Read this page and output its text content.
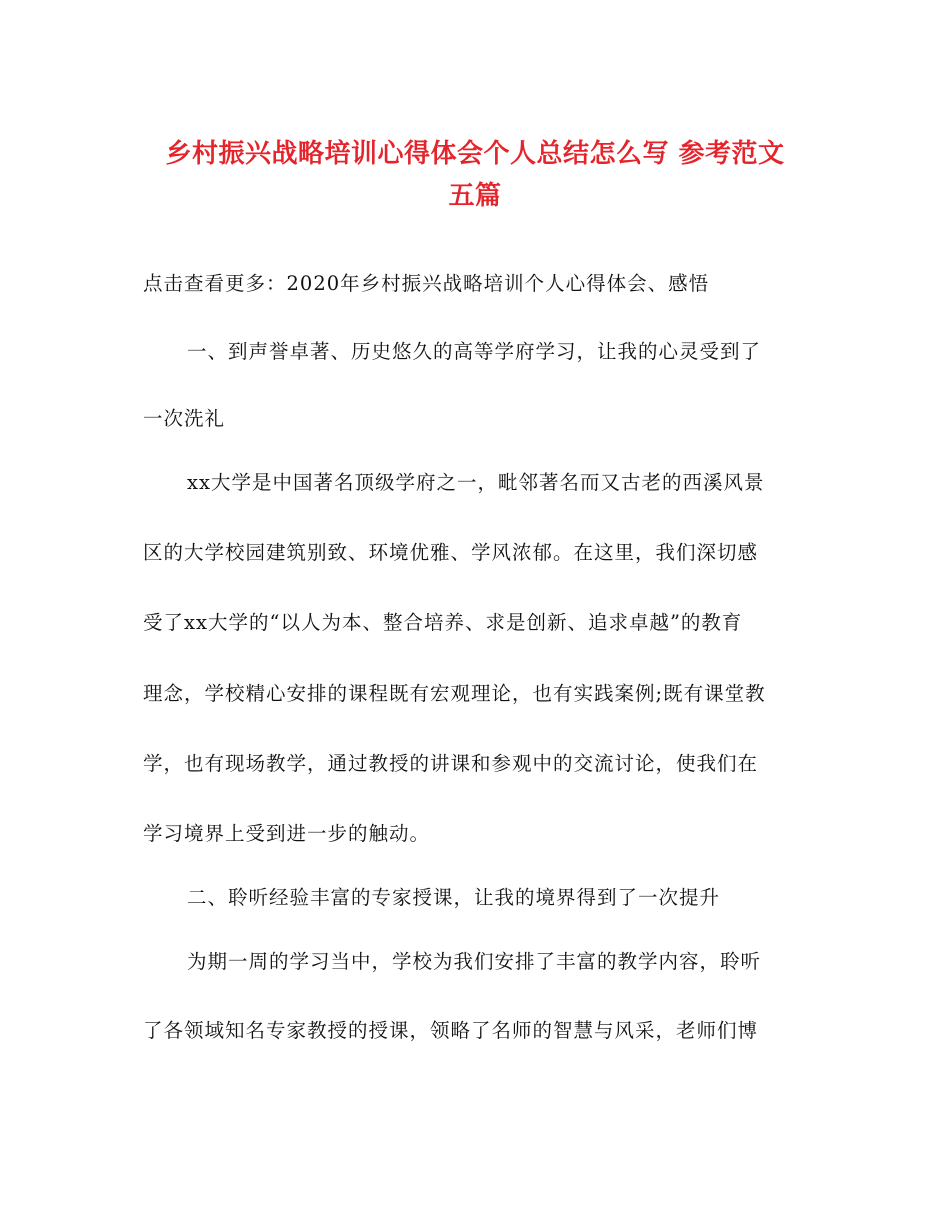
乡村振兴战略培训心得体会个人总结怎么写 参考范文
五篇
点击查看更多：2020年乡村振兴战略培训个人心得体会、感悟
一、到声誉卓著、历史悠久的高等学府学习，让我的心灵受到了
一次洗礼
xx大学是中国著名顶级学府之一，毗邻著名而又古老的西溪风景
区的大学校园建筑别致、环境优雅、学风浓郁。在这里，我们深切感
受了xx大学的“以人为本、整合培养、求是创新、追求卓越”的教育
理念，学校精心安排的课程既有宏观理论，也有实践案例;既有课堂教
学，也有现场教学，通过教授的讲课和参观中的交流讨论，使我们在
学习境界上受到进一步的触动。
二、聆听经验丰富的专家授课，让我的境界得到了一次提升
为期一周的学习当中，学校为我们安排了丰富的教学内容，聆听
了各领域知名专家教授的授课，领略了名师的智慧与风采，老师们博
